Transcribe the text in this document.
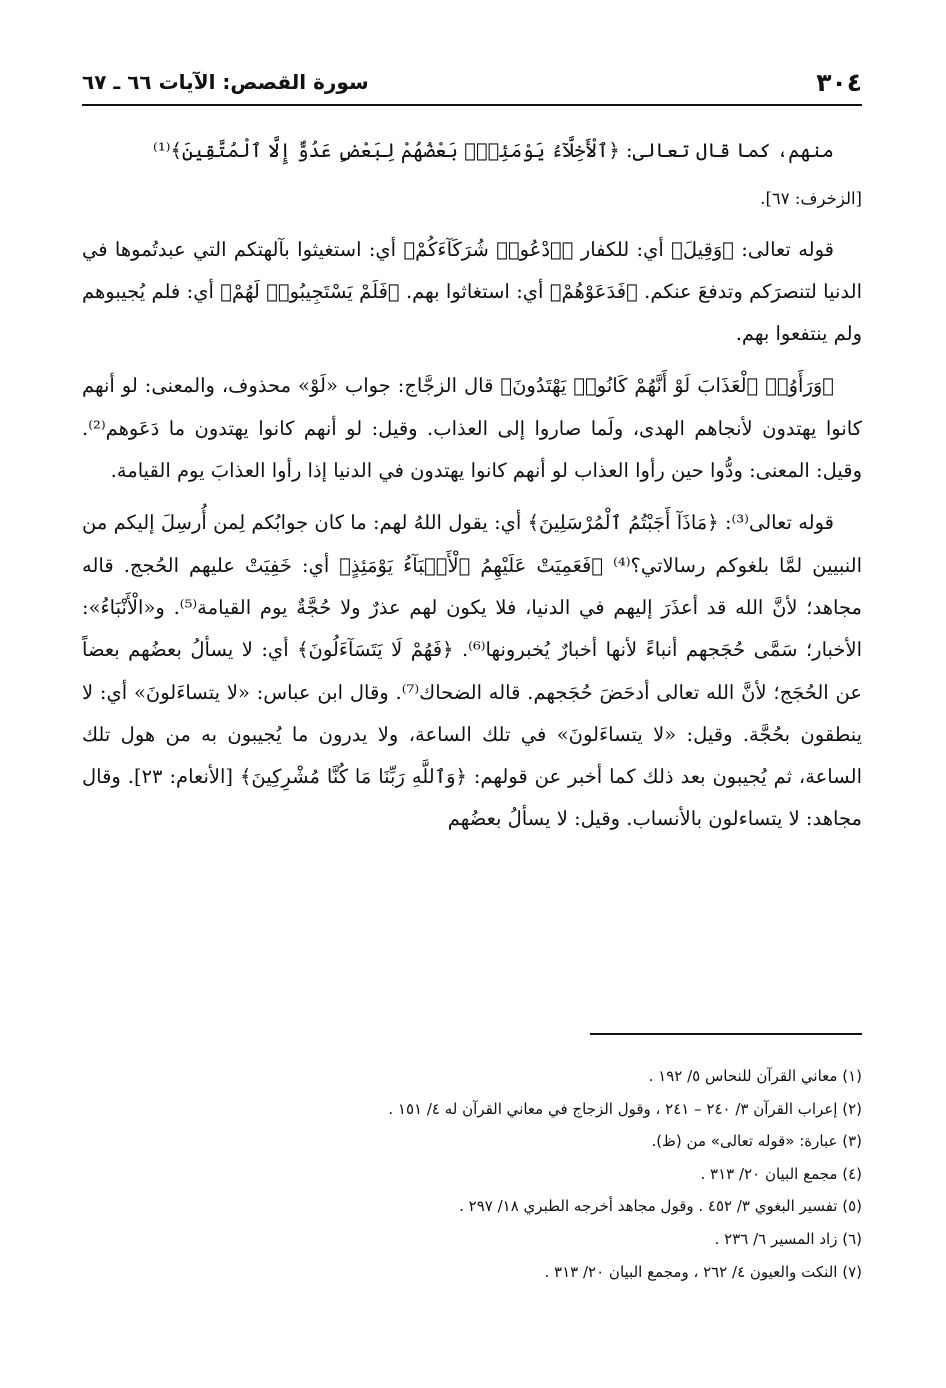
٣٠٤
سورة القصص: الآيات ٦٦ ـ ٦٧

منهم، كما قال تعالى: ﴿ٱلْأَخِلَّآءُ يَوْمَئِذٍۭ بَعْضُهُمْ لِبَعْضٍ عَدُوٌّ إِلَّا ٱلْمُتَّقِينَ﴾⁽¹⁾

[الزخرف: ٦٧].

قوله تعالى: ﴿وَقِيلَ﴾ أي: للكفار ﴿ٱدْعُوا۟ شُرَكَآءَكُمْ﴾ أي: استغيثوا بآلهتكم التي عبدتُموها في الدنيا لتنصرَكم وتدفعَ عنكم. ﴿فَدَعَوْهُمْ﴾ أي: استغاثوا بهم. ﴿فَلَمْ يَسْتَجِيبُوا۟ لَهُمْ﴾ أي: فلم يُجيبوهم ولم ينتفعوا بهم.

﴿وَرَأَوُا۟ ٱلْعَذَابَ لَوْ أَنَّهُمْ كَانُوا۟ يَهْتَدُونَ﴾ قال الزجَّاج: جواب «لَوْ» محذوف، والمعنى: لو أنهم كانوا يهتدون لأنجاهم الهدى، ولَما صاروا إلى العذاب. وقيل: لو أنهم كانوا يهتدون ما دَعَوهم⁽²⁾. وقيل: المعنى: ودُّوا حين رأوا العذاب لو أنهم كانوا يهتدون في الدنيا إذا رأوا العذابَ يوم القيامة.

قوله تعالى⁽³⁾: ﴿مَاذَآ أَجَبْتُمُ ٱلْمُرْسَلِينَ﴾ أي: يقول اللهُ لهم: ما كان جوابُكم لِمن أُرسِلَ إليكم من النبيين لمَّا بلغوكم رسالاتي؟⁽⁴⁾ ﴿فَعَمِيَتْ عَلَيْهِمُ ٱلْأَنۢبَآءُ يَوْمَئِذٍ﴾ أي: خَفِيَتْ عليهم الحُجج. قاله مجاهد؛ لأنَّ الله قد أعذَرَ إليهم في الدنيا، فلا يكون لهم عذرٌ ولا حُجَّةٌ يوم القيامة⁽⁵⁾. و«الْأَنْبَاءُ»: الأخبار؛ سَمَّى حُجَجهم أنباءً لأنها أخبارٌ يُخبرونها⁽⁶⁾. ﴿فَهُمْ لَا يَتَسَآءَلُونَ﴾ أي: لا يسألُ بعضُهم بعضاً عن الحُجَج؛ لأنَّ الله تعالى أدحَضَ حُجَجهم. قاله الضحاك⁽⁷⁾. وقال ابن عباس: «لا يتساءَلونَ» أي: لا ينطقون بحُجَّة. وقيل: «لا يتساءَلونَ» في تلك الساعة، ولا يدرون ما يُجيبون به من هول تلك الساعة، ثم يُجيبون بعد ذلك كما أخبر عن قولهم: ﴿وَٱللَّهِ رَبِّنَا مَا كُنَّا مُشْرِكِينَ﴾ [الأنعام: ٢٣]. وقال مجاهد: لا يتساءلون بالأنساب. وقيل: لا يسألُ بعضُهم

(١) معاني القرآن للنحاس ٥/ ١٩٢ .
(٢) إعراب القرآن ٣/ ٢٤٠ – ٢٤١ ، وقول الزجاج في معاني القرآن له ٤/ ١٥١ .
(٣) عبارة: «قوله تعالى» من (ظ).
(٤) مجمع البيان ٢٠/ ٣١٣ .
(٥) تفسير البغوي ٣/ ٤٥٢ . وقول مجاهد أخرجه الطبري ١٨/ ٢٩٧ .
(٦) زاد المسير ٦/ ٢٣٦ .
(٧) النكت والعيون ٤/ ٢٦٢ ، ومجمع البيان ٢٠/ ٣١٣ .
